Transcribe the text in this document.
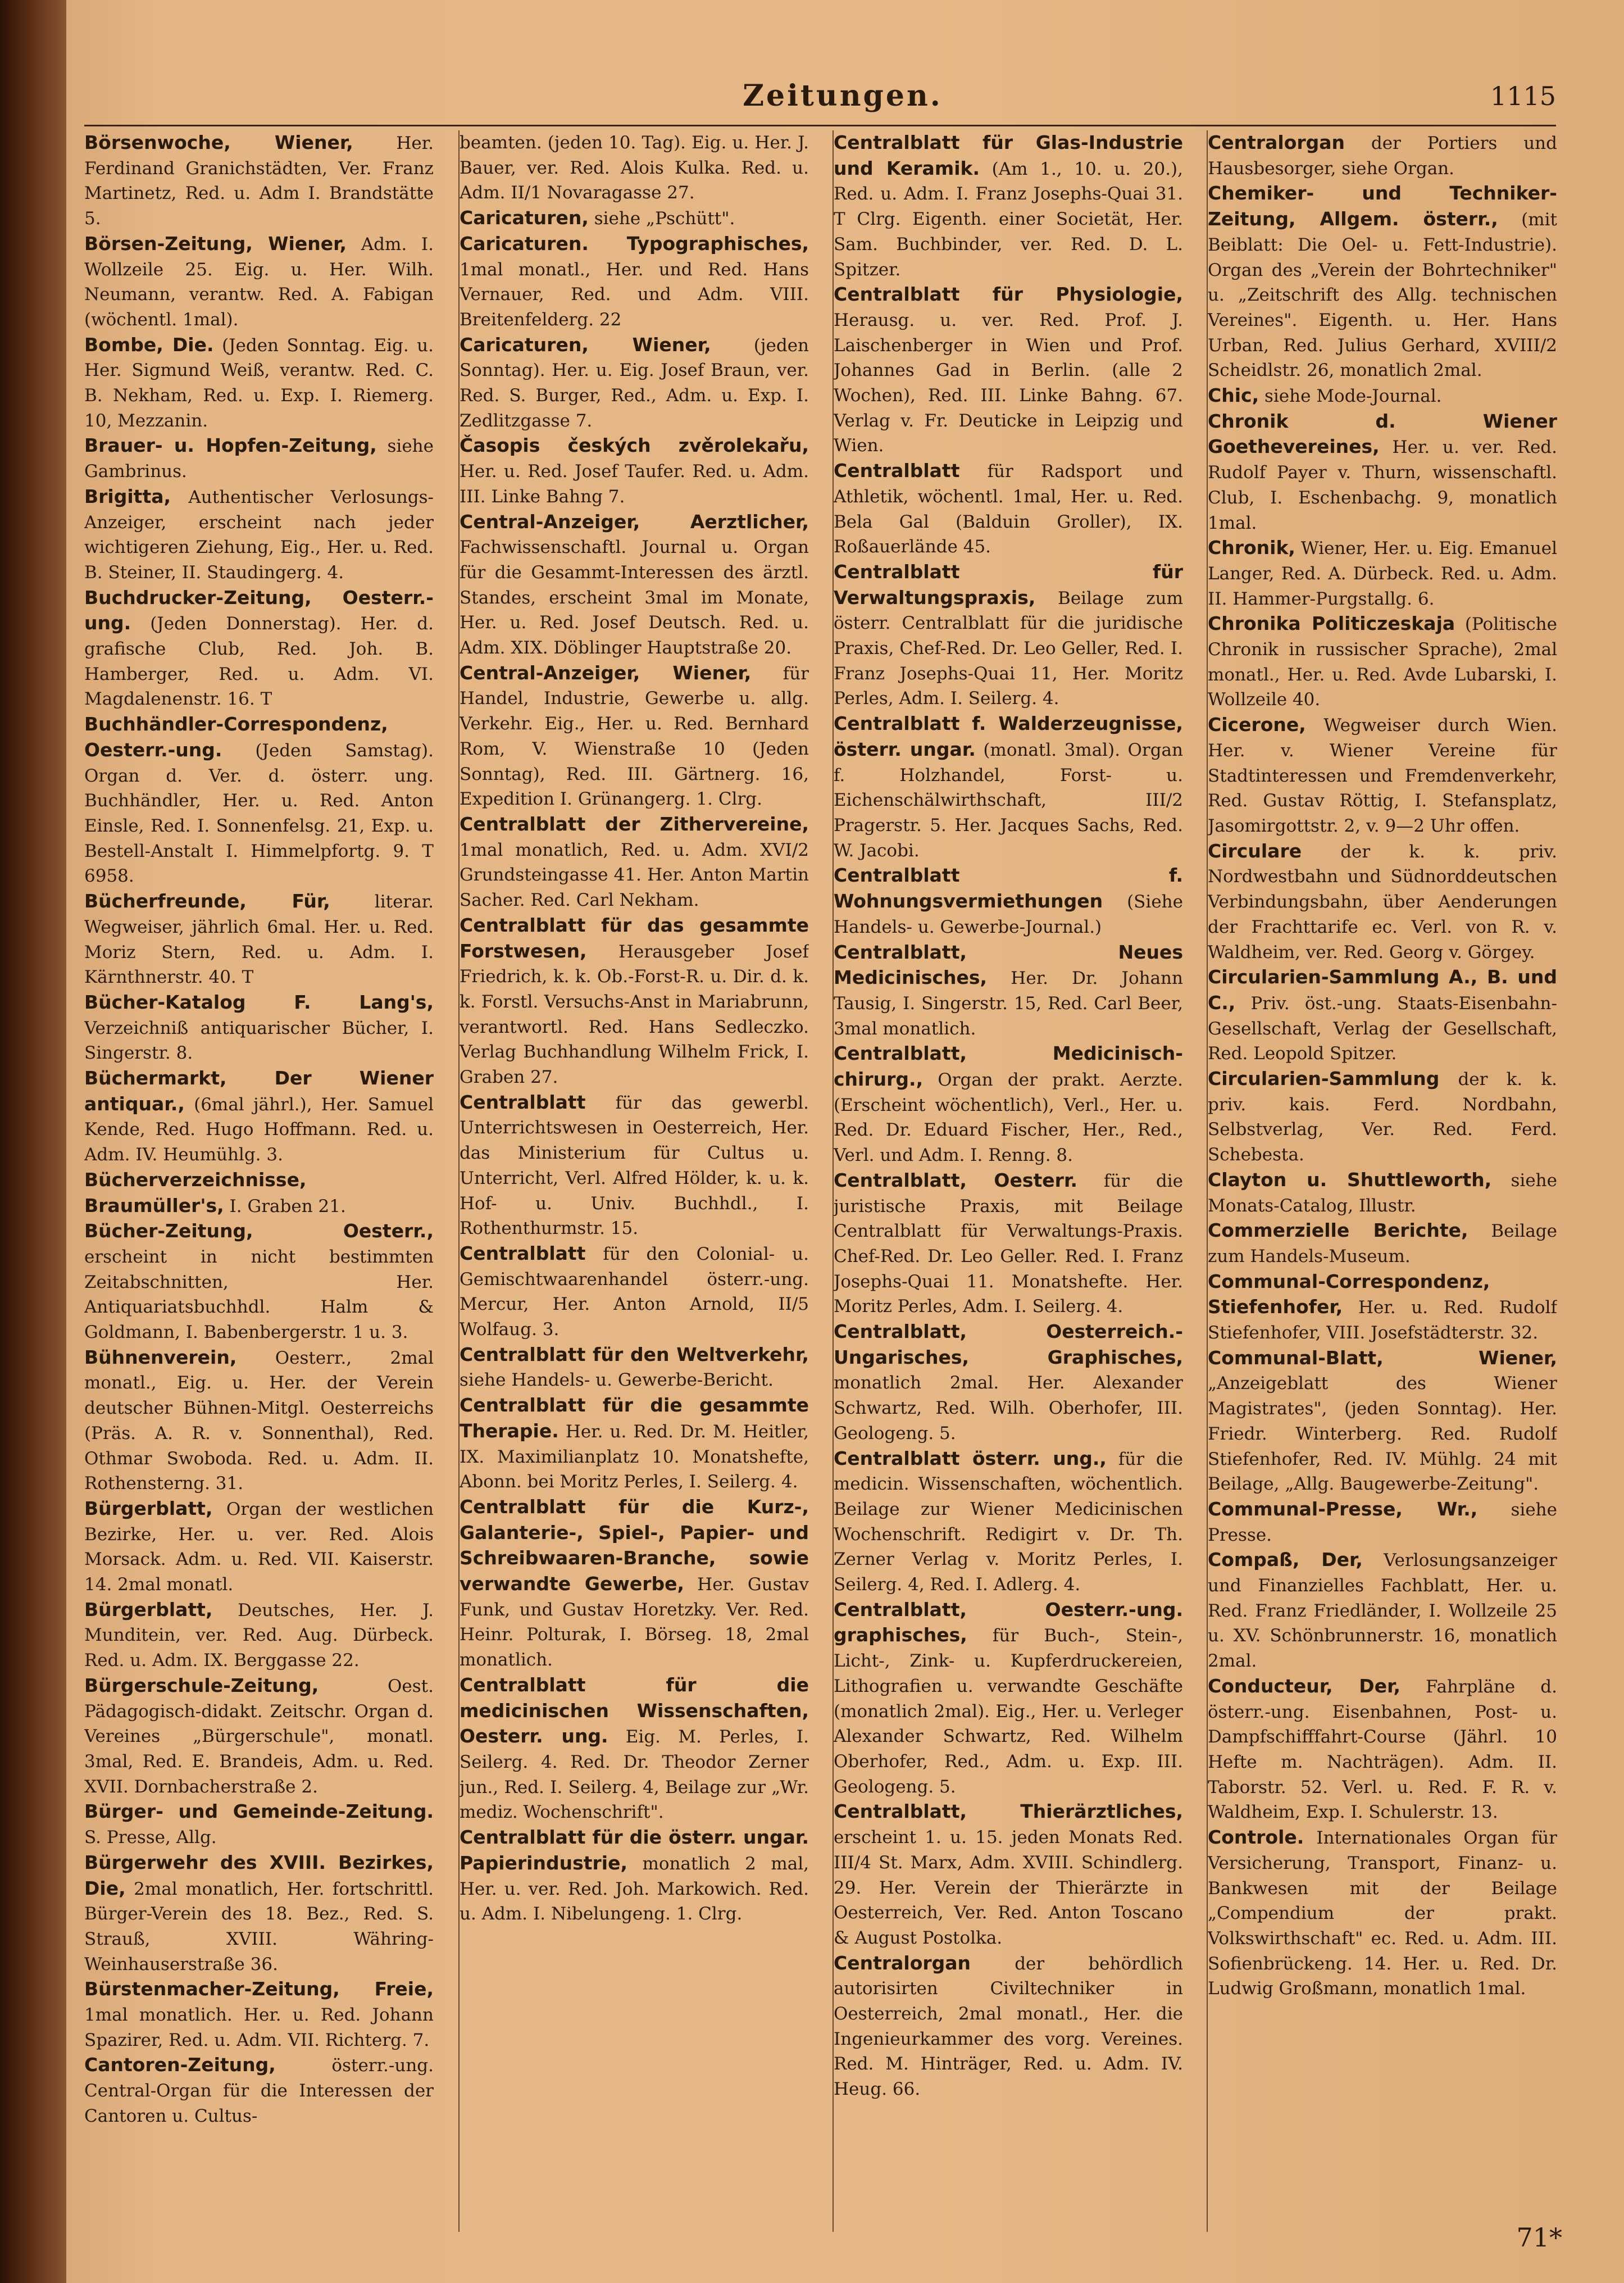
Zeitungen.	1115

Börsenwoche, Wiener, Her. Ferdinand Granichstädten, Ver. Franz Martinetz, Red. u. Adm I. Brandstätte 5.

Börsen-Zeitung, Wiener, Adm. I. Wollzeile 25. Eig. u. Her. Wilh. Neumann, verantw. Red. A. Fabigan (wöchentl. 1mal).

Bombe, Die. (Jeden Sonntag. Eig. u. Her. Sigmund Weiß, verantw. Red. C. B. Nekham, Red. u. Exp. I. Riemerg. 10, Mezzanin.

Brauer- u. Hopfen-Zeitung, siehe Gambrinus.

Brigitta, Authentischer Verlosungs-Anzeiger, erscheint nach jeder wichtigeren Ziehung, Eig., Her. u. Red. B. Steiner, II. Staudingerg. 4.

Buchdrucker-Zeitung, Oesterr.-ung. (Jeden Donnerstag). Her. d. grafische Club, Red. Joh. B. Hamberger, Red. u. Adm. VI. Magdalenenstr. 16. T

Buchhändler-Correspondenz, Oesterr.-ung. (Jeden Samstag). Organ d. Ver. d. österr. ung. Buchhändler, Her. u. Red. Anton Einsle, Red. I. Sonnenfelsg. 21, Exp. u. Bestell-Anstalt I. Himmelpfortg. 9. T 6958.

Bücherfreunde, Für, literar. Wegweiser, jährlich 6mal. Her. u. Red. Moriz Stern, Red. u. Adm. I. Kärnthnerstr. 40. T

Bücher-Katalog F. Lang's, Verzeichniß antiquarischer Bücher, I. Singerstr. 8.

Büchermarkt, Der Wiener antiquar., (6mal jährl.), Her. Samuel Kende, Red. Hugo Hoffmann. Red. u. Adm. IV. Heumühlg. 3.

Bücherverzeichnisse, Braumüller's, I. Graben 21.

Bücher-Zeitung, Oesterr., erscheint in nicht bestimmten Zeitabschnitten, Her. Antiquariatsbuchhdl. Halm & Goldmann, I. Babenbergerstr. 1 u. 3.

Bühnenverein, Oesterr., 2mal monatl., Eig. u. Her. der Verein deutscher Bühnen-Mitgl. Oesterreichs (Präs. A. R. v. Sonnenthal), Red. Othmar Swoboda. Red. u. Adm. II. Rothensterng. 31.

Bürgerblatt, Organ der westlichen Bezirke, Her. u. ver. Red. Alois Morsack. Adm. u. Red. VII. Kaiserstr. 14. 2mal monatl.

Bürgerblatt, Deutsches, Her. J. Munditein, ver. Red. Aug. Dürbeck. Red. u. Adm. IX. Berggasse 22.

Bürgerschule-Zeitung, Oest. Pädagogisch-didakt. Zeitschr. Organ d. Vereines „Bürgerschule", monatl. 3mal, Red. E. Brandeis, Adm. u. Red. XVII. Dornbacherstraße 2.

Bürger- und Gemeinde-Zeitung. S. Presse, Allg.

Bürgerwehr des XVIII. Bezirkes, Die, 2mal monatlich, Her. fortschrittl. Bürger-Verein des 18. Bez., Red. S. Strauß, XVIII. Währing-Weinhauserstraße 36.

Bürstenmacher-Zeitung, Freie, 1mal monatlich. Her. u. Red. Johann Spazirer, Red. u. Adm. VII. Richterg. 7.

Cantoren-Zeitung, österr.-ung. Central-Organ für die Interessen der Cantoren u. Cultus-

beamten. (jeden 10. Tag). Eig. u. Her. J. Bauer, ver. Red. Alois Kulka. Red. u. Adm. II/1 Novaragasse 27.

Caricaturen, siehe „Pschütt".

Caricaturen. Typographisches, 1mal monatl., Her. und Red. Hans Vernauer, Red. und Adm. VIII. Breitenfelderg. 22

Caricaturen, Wiener, (jeden Sonntag). Her. u. Eig. Josef Braun, ver. Red. S. Burger, Red., Adm. u. Exp. I. Zedlitzgasse 7.

Časopis českých zvěrolekařu, Her. u. Red. Josef Taufer. Red. u. Adm. III. Linke Bahng 7.

Central-Anzeiger, Aerztlicher, Fachwissenschaftl. Journal u. Organ für die Gesammt-Interessen des ärztl. Standes, erscheint 3mal im Monate, Her. u. Red. Josef Deutsch. Red. u. Adm. XIX. Döblinger Hauptstraße 20.

Central-Anzeiger, Wiener, für Handel, Industrie, Gewerbe u. allg. Verkehr. Eig., Her. u. Red. Bernhard Rom, V. Wienstraße 10 (Jeden Sonntag), Red. III. Gärtnerg. 16, Expedition I. Grünangerg. 1. Clrg.

Centralblatt der Zithervereine, 1mal monatlich, Red. u. Adm. XVI/2 Grundsteingasse 41. Her. Anton Martin Sacher. Red. Carl Nekham.

Centralblatt für das gesammte Forstwesen, Herausgeber Josef Friedrich, k. k. Ob.-Forst-R. u. Dir. d. k. k. Forstl. Versuchs-Anst in Mariabrunn, verantwortl. Red. Hans Sedleczko. Verlag Buchhandlung Wilhelm Frick, I. Graben 27.

Centralblatt für das gewerbl. Unterrichtswesen in Oesterreich, Her. das Ministerium für Cultus u. Unterricht, Verl. Alfred Hölder, k. u. k. Hof- u. Univ. Buchhdl., I. Rothenthurmstr. 15.

Centralblatt für den Colonial- u. Gemischtwaarenhandel österr.-ung. Mercur, Her. Anton Arnold, II/5 Wolfaug. 3.

Centralblatt für den Weltverkehr, siehe Handels- u. Gewerbe-Bericht.

Centralblatt für die gesammte Therapie. Her. u. Red. Dr. M. Heitler, IX. Maximilianplatz 10. Monatshefte, Abonn. bei Moritz Perles, I. Seilerg. 4.

Centralblatt für die Kurz-, Galanterie-, Spiel-, Papier- und Schreibwaaren-Branche, sowie verwandte Gewerbe, Her. Gustav Funk, und Gustav Horetzky. Ver. Red. Heinr. Polturak, I. Börseg. 18, 2mal monatlich.

Centralblatt für die medicinischen Wissenschaften, Oesterr. ung. Eig. M. Perles, I. Seilerg. 4. Red. Dr. Theodor Zerner jun., Red. I. Seilerg. 4, Beilage zur „Wr. mediz. Wochenschrift".

Centralblatt für die österr. ungar. Papierindustrie, monatlich 2 mal, Her. u. ver. Red. Joh. Markowich. Red. u. Adm. I. Nibelungeng. 1. Clrg.

Centralblatt für Glas-Industrie und Keramik. (Am 1., 10. u. 20.), Red. u. Adm. I. Franz Josephs-Quai 31. T Clrg. Eigenth. einer Societät, Her. Sam. Buchbinder, ver. Red. D. L. Spitzer.

Centralblatt für Physiologie, Herausg. u. ver. Red. Prof. J. Laischenberger in Wien und Prof. Johannes Gad in Berlin. (alle 2 Wochen), Red. III. Linke Bahng. 67. Verlag v. Fr. Deuticke in Leipzig und Wien.

Centralblatt für Radsport und Athletik, wöchentl. 1mal, Her. u. Red. Bela Gal (Balduin Groller), IX. Roßauerlände 45.

Centralblatt für Verwaltungspraxis, Beilage zum österr. Centralblatt für die juridische Praxis, Chef-Red. Dr. Leo Geller, Red. I. Franz Josephs-Quai 11, Her. Moritz Perles, Adm. I. Seilerg. 4.

Centralblatt f. Walderzeugnisse, österr. ungar. (monatl. 3mal). Organ f. Holzhandel, Forst- u. Eichenschälwirthschaft, III/2 Pragerstr. 5. Her. Jacques Sachs, Red. W. Jacobi.

Centralblatt f. Wohnungsvermiethungen (Siehe Handels- u. Gewerbe-Journal.)

Centralblatt, Neues Medicinisches, Her. Dr. Johann Tausig, I. Singerstr. 15, Red. Carl Beer, 3mal monatlich.

Centralblatt, Medicinisch-chirurg., Organ der prakt. Aerzte. (Erscheint wöchentlich), Verl., Her. u. Red. Dr. Eduard Fischer, Her., Red., Verl. und Adm. I. Renng. 8.

Centralblatt, Oesterr. für die juristische Praxis, mit Beilage Centralblatt für Verwaltungs-Praxis. Chef-Red. Dr. Leo Geller. Red. I. Franz Josephs-Quai 11. Monatshefte. Her. Moritz Perles, Adm. I. Seilerg. 4.

Centralblatt, Oesterreich.-Ungarisches, Graphisches, monatlich 2mal. Her. Alexander Schwartz, Red. Wilh. Oberhofer, III. Geologeng. 5.

Centralblatt österr. ung., für die medicin. Wissenschaften, wöchentlich. Beilage zur Wiener Medicinischen Wochenschrift. Redigirt v. Dr. Th. Zerner Verlag v. Moritz Perles, I. Seilerg. 4, Red. I. Adlerg. 4.

Centralblatt, Oesterr.-ung. graphisches, für Buch-, Stein-, Licht-, Zink- u. Kupferdruckereien, Lithografien u. verwandte Geschäfte (monatlich 2mal). Eig., Her. u. Verleger Alexander Schwartz, Red. Wilhelm Oberhofer, Red., Adm. u. Exp. III. Geologeng. 5.

Centralblatt, Thierärztliches, erscheint 1. u. 15. jeden Monats Red. III/4 St. Marx, Adm. XVIII. Schindlerg. 29. Her. Verein der Thierärzte in Oesterreich, Ver. Red. Anton Toscano & August Postolka.

Centralorgan der behördlich autorisirten Civiltechniker in Oesterreich, 2mal monatl., Her. die Ingenieurkammer des vorg. Vereines. Red. M. Hinträger, Red. u. Adm. IV. Heug. 66.

Centralorgan der Portiers und Hausbesorger, siehe Organ.

Chemiker- und Techniker-Zeitung, Allgem. österr., (mit Beiblatt: Die Oel- u. Fett-Industrie). Organ des „Verein der Bohrtechniker" u. „Zeitschrift des Allg. technischen Vereines". Eigenth. u. Her. Hans Urban, Red. Julius Gerhard, XVIII/2 Scheidlstr. 26, monatlich 2mal.

Chic, siehe Mode-Journal.

Chronik d. Wiener Goethevereines, Her. u. ver. Red. Rudolf Payer v. Thurn, wissenschaftl. Club, I. Eschenbachg. 9, monatlich 1mal.

Chronik, Wiener, Her. u. Eig. Emanuel Langer, Red. A. Dürbeck. Red. u. Adm. II. Hammer-Purgstallg. 6.

Chronika Politiczeskaja (Politische Chronik in russischer Sprache), 2mal monatl., Her. u. Red. Avde Lubarski, I. Wollzeile 40.

Cicerone, Wegweiser durch Wien. Her. v. Wiener Vereine für Stadtinteressen und Fremdenverkehr, Red. Gustav Röttig, I. Stefansplatz, Jasomirgottstr. 2, v. 9—2 Uhr offen.

Circulare der k. k. priv. Nordwestbahn und Südnorddeutschen Verbindungsbahn, über Aenderungen der Frachttarife ec. Verl. von R. v. Waldheim, ver. Red. Georg v. Görgey.

Circularien-Sammlung A., B. und C., Priv. öst.-ung. Staats-Eisenbahn-Gesellschaft, Verlag der Gesellschaft, Red. Leopold Spitzer.

Circularien-Sammlung der k. k. priv. kais. Ferd. Nordbahn, Selbstverlag, Ver. Red. Ferd. Schebesta.

Clayton u. Shuttleworth, siehe Monats-Catalog, Illustr.

Commerzielle Berichte, Beilage zum Handels-Museum.

Communal-Correspondenz, Stiefenhofer, Her. u. Red. Rudolf Stiefenhofer, VIII. Josefstädterstr. 32.

Communal-Blatt, Wiener, „Anzeigeblatt des Wiener Magistrates", (jeden Sonntag). Her. Friedr. Winterberg. Red. Rudolf Stiefenhofer, Red. IV. Mühlg. 24 mit Beilage, „Allg. Baugewerbe-Zeitung".

Communal-Presse, Wr., siehe Presse.

Compaß, Der, Verlosungsanzeiger und Finanzielles Fachblatt, Her. u. Red. Franz Friedländer, I. Wollzeile 25 u. XV. Schönbrunnerstr. 16, monatlich 2mal.

Conducteur, Der, Fahrpläne d. österr.-ung. Eisenbahnen, Post- u. Dampfschifffahrt-Course (Jährl. 10 Hefte m. Nachträgen). Adm. II. Taborstr. 52. Verl. u. Red. F. R. v. Waldheim, Exp. I. Schulerstr. 13.

Controle. Internationales Organ für Versicherung, Transport, Finanz- u. Bankwesen mit der Beilage „Compendium der prakt. Volkswirthschaft" ec. Red. u. Adm. III. Sofienbrückeng. 14. Her. u. Red. Dr. Ludwig Großmann, monatlich 1mal.

71*
